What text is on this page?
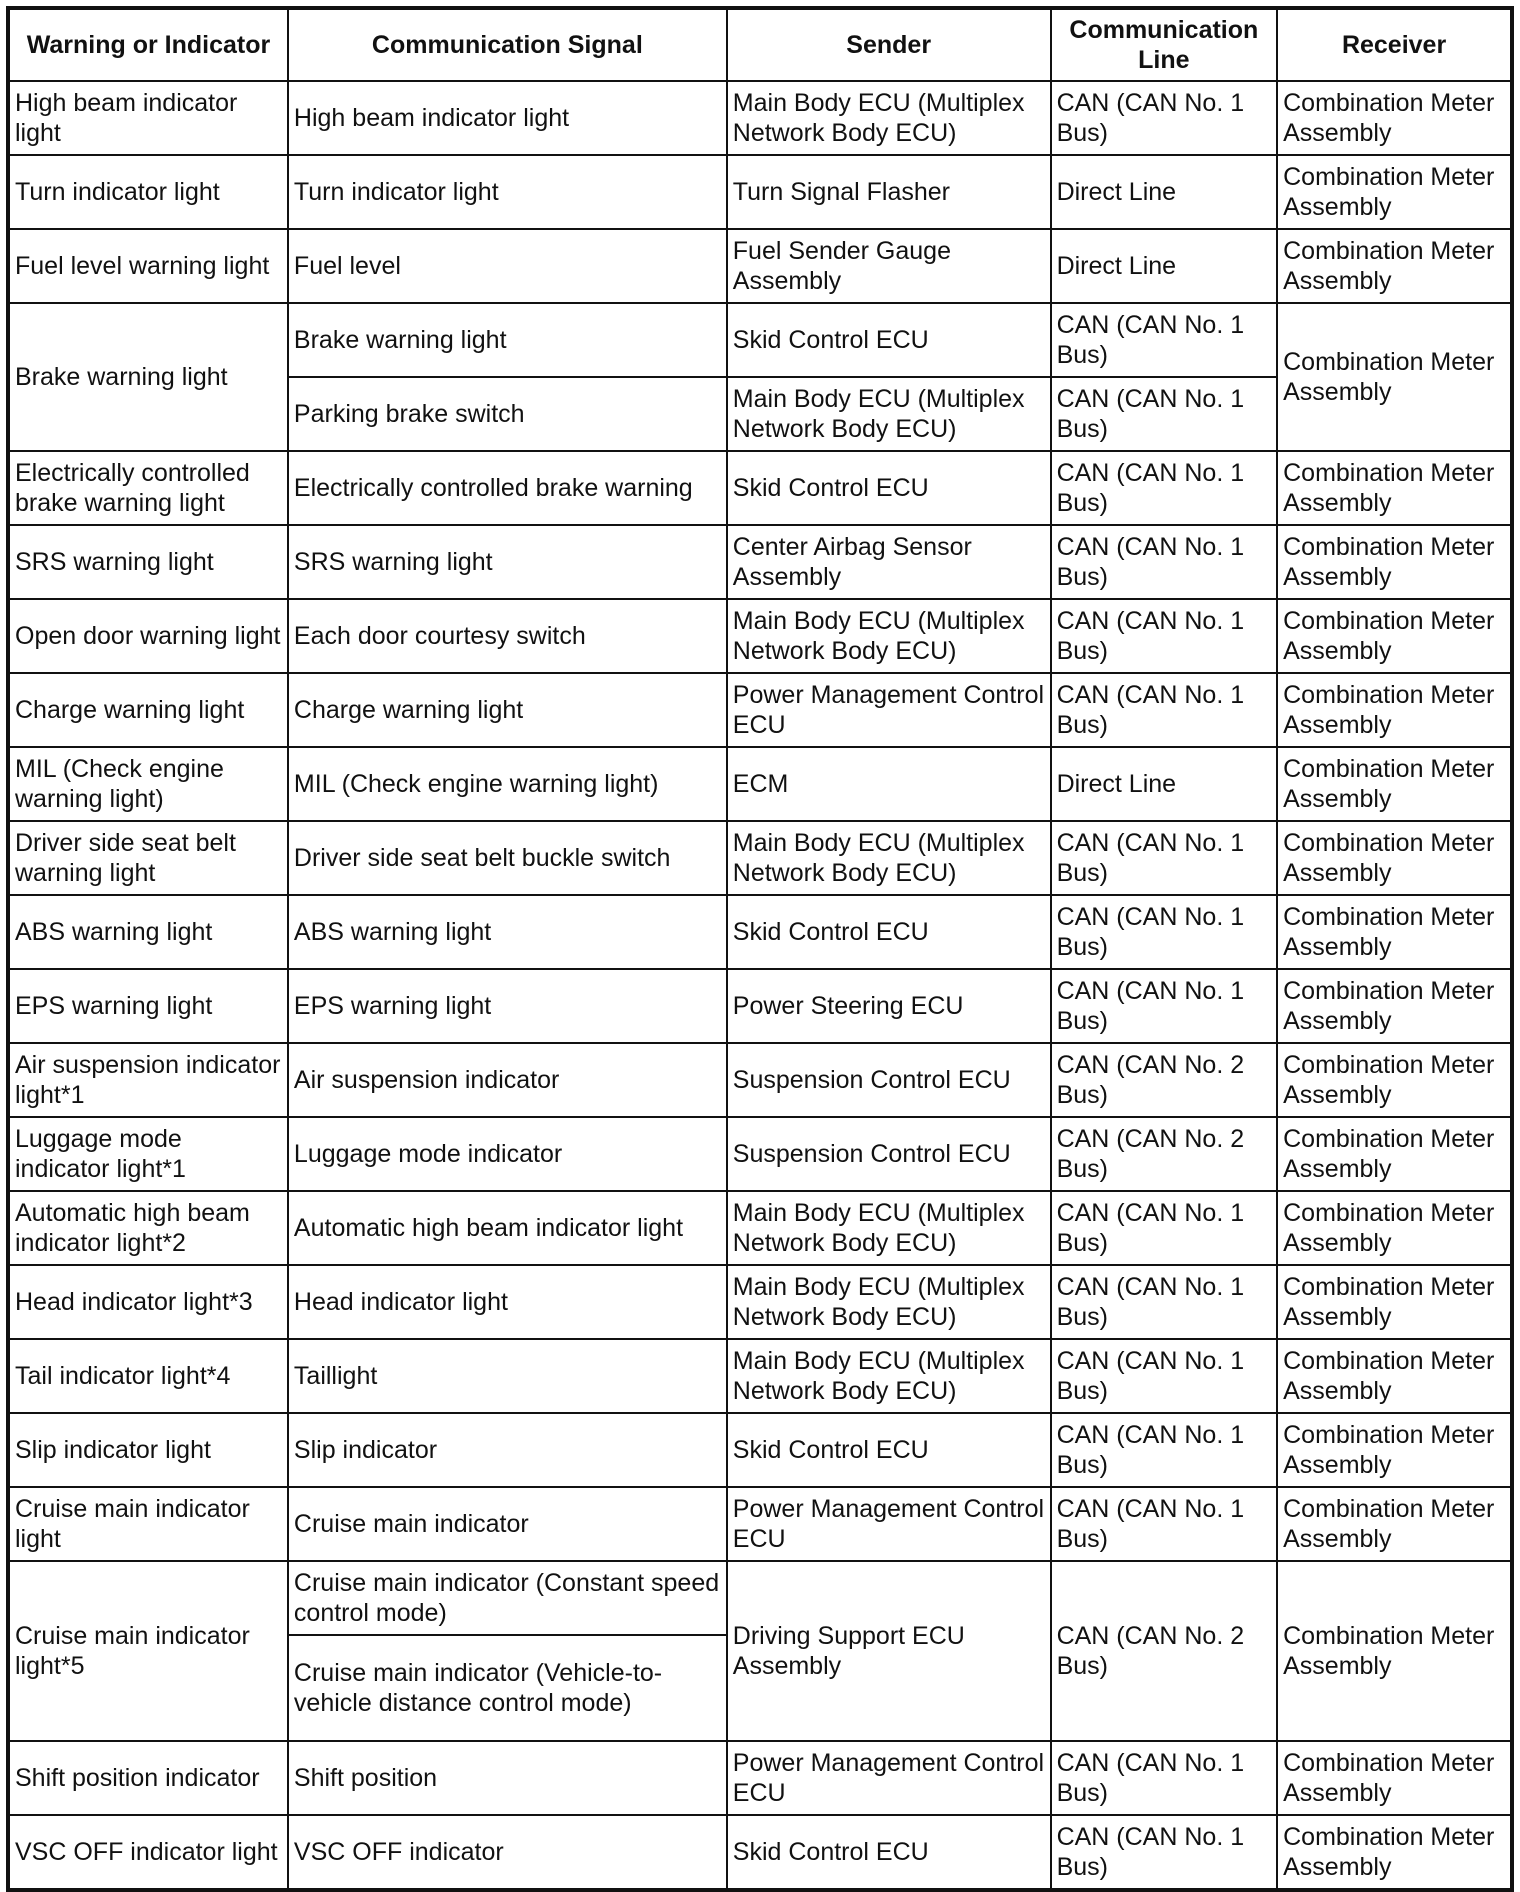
Warning or Indicator	Communication Signal	Sender	Communication Line	Receiver
High beam indicator light	High beam indicator light	Main Body ECU (Multiplex Network Body ECU)	CAN (CAN No. 1 Bus)	Combination Meter Assembly
Turn indicator light	Turn indicator light	Turn Signal Flasher	Direct Line	Combination Meter Assembly
Fuel level warning light	Fuel level	Fuel Sender Gauge Assembly	Direct Line	Combination Meter Assembly
Brake warning light	Brake warning light	Skid Control ECU	CAN (CAN No. 1 Bus)	Combination Meter Assembly
	Parking brake switch	Main Body ECU (Multiplex Network Body ECU)	CAN (CAN No. 1 Bus)	
Electrically controlled brake warning light	Electrically controlled brake warning	Skid Control ECU	CAN (CAN No. 1 Bus)	Combination Meter Assembly
SRS warning light	SRS warning light	Center Airbag Sensor Assembly	CAN (CAN No. 1 Bus)	Combination Meter Assembly
Open door warning light	Each door courtesy switch	Main Body ECU (Multiplex Network Body ECU)	CAN (CAN No. 1 Bus)	Combination Meter Assembly
Charge warning light	Charge warning light	Power Management Control ECU	CAN (CAN No. 1 Bus)	Combination Meter Assembly
MIL (Check engine warning light)	MIL (Check engine warning light)	ECM	Direct Line	Combination Meter Assembly
Driver side seat belt warning light	Driver side seat belt buckle switch	Main Body ECU (Multiplex Network Body ECU)	CAN (CAN No. 1 Bus)	Combination Meter Assembly
ABS warning light	ABS warning light	Skid Control ECU	CAN (CAN No. 1 Bus)	Combination Meter Assembly
EPS warning light	EPS warning light	Power Steering ECU	CAN (CAN No. 1 Bus)	Combination Meter Assembly
Air suspension indicator light*1	Air suspension indicator	Suspension Control ECU	CAN (CAN No. 2 Bus)	Combination Meter Assembly
Luggage mode indicator light*1	Luggage mode indicator	Suspension Control ECU	CAN (CAN No. 2 Bus)	Combination Meter Assembly
Automatic high beam indicator light*2	Automatic high beam indicator light	Main Body ECU (Multiplex Network Body ECU)	CAN (CAN No. 1 Bus)	Combination Meter Assembly
Head indicator light*3	Head indicator light	Main Body ECU (Multiplex Network Body ECU)	CAN (CAN No. 1 Bus)	Combination Meter Assembly
Tail indicator light*4	Taillight	Main Body ECU (Multiplex Network Body ECU)	CAN (CAN No. 1 Bus)	Combination Meter Assembly
Slip indicator light	Slip indicator	Skid Control ECU	CAN (CAN No. 1 Bus)	Combination Meter Assembly
Cruise main indicator light	Cruise main indicator	Power Management Control ECU	CAN (CAN No. 1 Bus)	Combination Meter Assembly
Cruise main indicator light*5	Cruise main indicator (Constant speed control mode)	Driving Support ECU Assembly	CAN (CAN No. 2 Bus)	Combination Meter Assembly
	Cruise main indicator (Vehicle-to-vehicle distance control mode)			
Shift position indicator	Shift position	Power Management Control ECU	CAN (CAN No. 1 Bus)	Combination Meter Assembly
VSC OFF indicator light	VSC OFF indicator	Skid Control ECU	CAN (CAN No. 1 Bus)	Combination Meter Assembly
